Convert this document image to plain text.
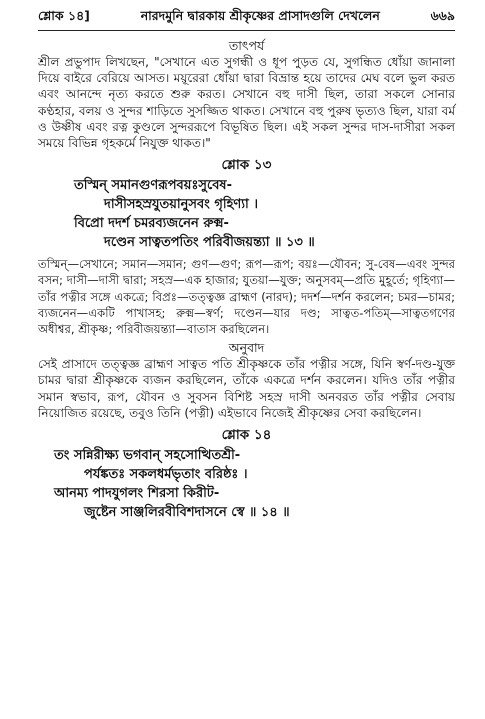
শ্লোক ১৪]	নারদমুনি দ্বারকায় শ্রীকৃষ্ণের প্রাসাদগুলি দেখলেন	৬৬৯

তাৎপর্য

শ্রীল প্রভুপাদ লিখছেন, "সেখানে এত সুগন্ধী ও ধূপ পুড়ত যে, সুগন্ধিত ধোঁয়া জানালা দিয়ে বাইরে বেরিয়ে আসত। ময়ূরেরা ধোঁয়া দ্বারা বিভ্রান্ত হয়ে তাদের মেঘ বলে ভুল করত এবং আনন্দে নৃত্য করতে শুরু করত। সেখানে বহু দাসী ছিল, তারা সকলে সোনার কণ্ঠহার, বলয় ও সুন্দর শাড়িতে সুসজ্জিত থাকত। সেখানে বহু পুরুষ ভৃত্যও ছিল, যারা বর্ম ও উষ্ণীষ এবং রত্ন কুণ্ডলে সুন্দররূপে বিভূষিত ছিল। এই সকল সুন্দর দাস-দাসীরা সকল সময়ে বিভিন্ন গৃহকর্মে নিযুক্ত থাকত।"

শ্লোক ১৩

তস্মিন্ সমানগুণরূপবয়ঃসুবেষ-
দাসীসহস্রযুতয়ানুসবং গৃহিণ্যা ।
বিপ্রো দদর্শ চমরব্যজনেন রুক্ম-
দণ্ডেন সাত্বতপতিং পরিবীজয়ন্ত্যা ॥ ১৩ ॥

তস্মিন্—সেখানে; সমান—সমান; গুণ—গুণ; রূপ—রূপ; বয়ঃ—যৌবন; সু-বেষ—এবং সুন্দর বসন; দাসী—দাসী দ্বারা; সহস্র—এক হাজার; যুতয়া—যুক্ত; অনুসবম্—প্রতি মুহূর্তে; গৃহিণ্যা—তাঁর পত্নীর সঙ্গে একত্রে; বিপ্রঃ—তত্ত্বজ্ঞ ব্রাহ্মণ (নারদ); দদর্শ—দর্শন করলেন; চমর—চামর; ব্যজনেন—একটি পাখাসহ; রুক্ম—স্বর্ণ; দণ্ডেন—যার দণ্ড; সাত্বত-পতিম্—সাত্বতগণের অধীশ্বর, শ্রীকৃষ্ণ; পরিবীজয়ন্ত্যা—বাতাস করছিলেন।

অনুবাদ

সেই প্রাসাদে তত্ত্বজ্ঞ ব্রাহ্মণ সাত্বত পতি শ্রীকৃষ্ণকে তাঁর পত্নীর সঙ্গে, যিনি স্বর্ণ-দণ্ড-যুক্ত চামর দ্বারা শ্রীকৃষ্ণকে ব্যজন করছিলেন, তাঁকে একত্রে দর্শন করলেন। যদিও তাঁর পত্নীর সমান স্বভাব, রূপ, যৌবন ও সুবসন বিশিষ্ট সহস্র দাসী অনবরত তাঁর পত্নীর সেবায় নিয়োজিত রয়েছে, তবুও তিনি (পত্নী) এইভাবে নিজেই শ্রীকৃষ্ণের সেবা করছিলেন।

শ্লোক ১৪

তং সন্নিরীক্ষ্য ভগবান্ সহসোত্থিতশ্রী-
পর্যঙ্কতঃ সকলধর্মভৃতাং বরিষ্ঠঃ ।
আনম্য পাদযুগলং শিরসা কিরীট-
জুষ্টেন সাঞ্জলিরবীবিশদাসনে স্বে ॥ ১৪ ॥
